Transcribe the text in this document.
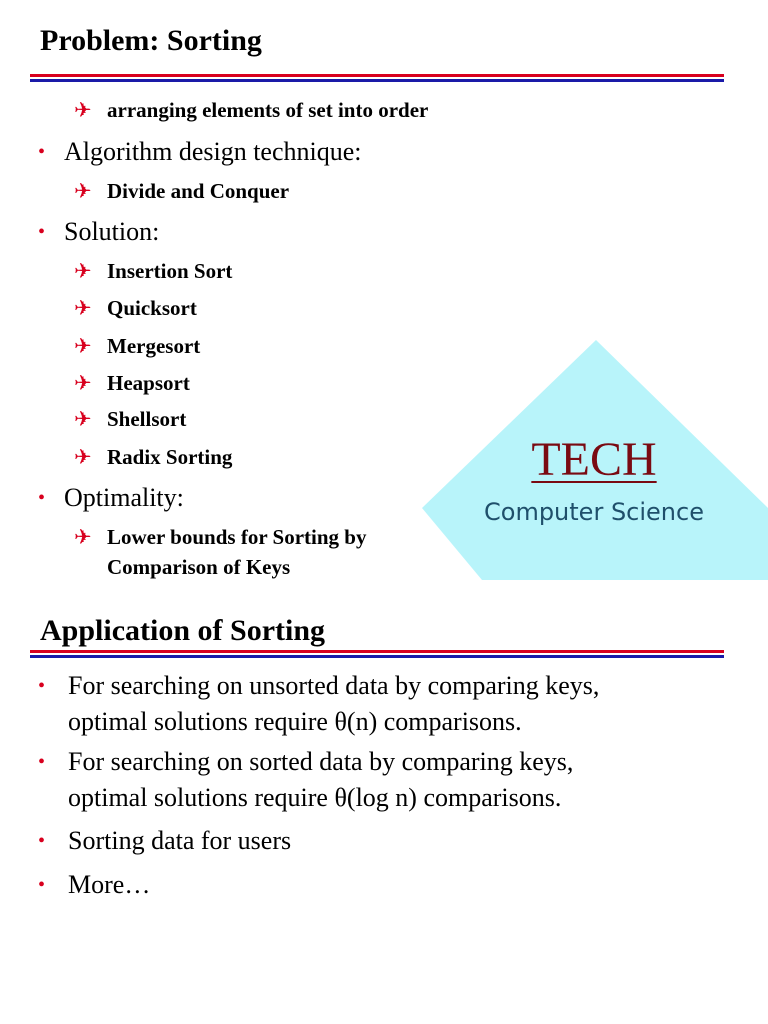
Problem: Sorting
✈ arranging elements of set into order
• Algorithm design technique:
✈ Divide and Conquer
• Solution:
✈ Insertion Sort
✈ Quicksort
✈ Mergesort
✈ Heapsort
✈ Shellsort
✈ Radix Sorting
• Optimality:
✈ Lower bounds for Sorting by
Comparison of Keys
TECH
Computer Science
Application of Sorting
• For searching on unsorted data by comparing keys,
optimal solutions require θ(n) comparisons.
• For searching on sorted data by comparing keys,
optimal solutions require θ(log n) comparisons.
• Sorting data for users
• More…
